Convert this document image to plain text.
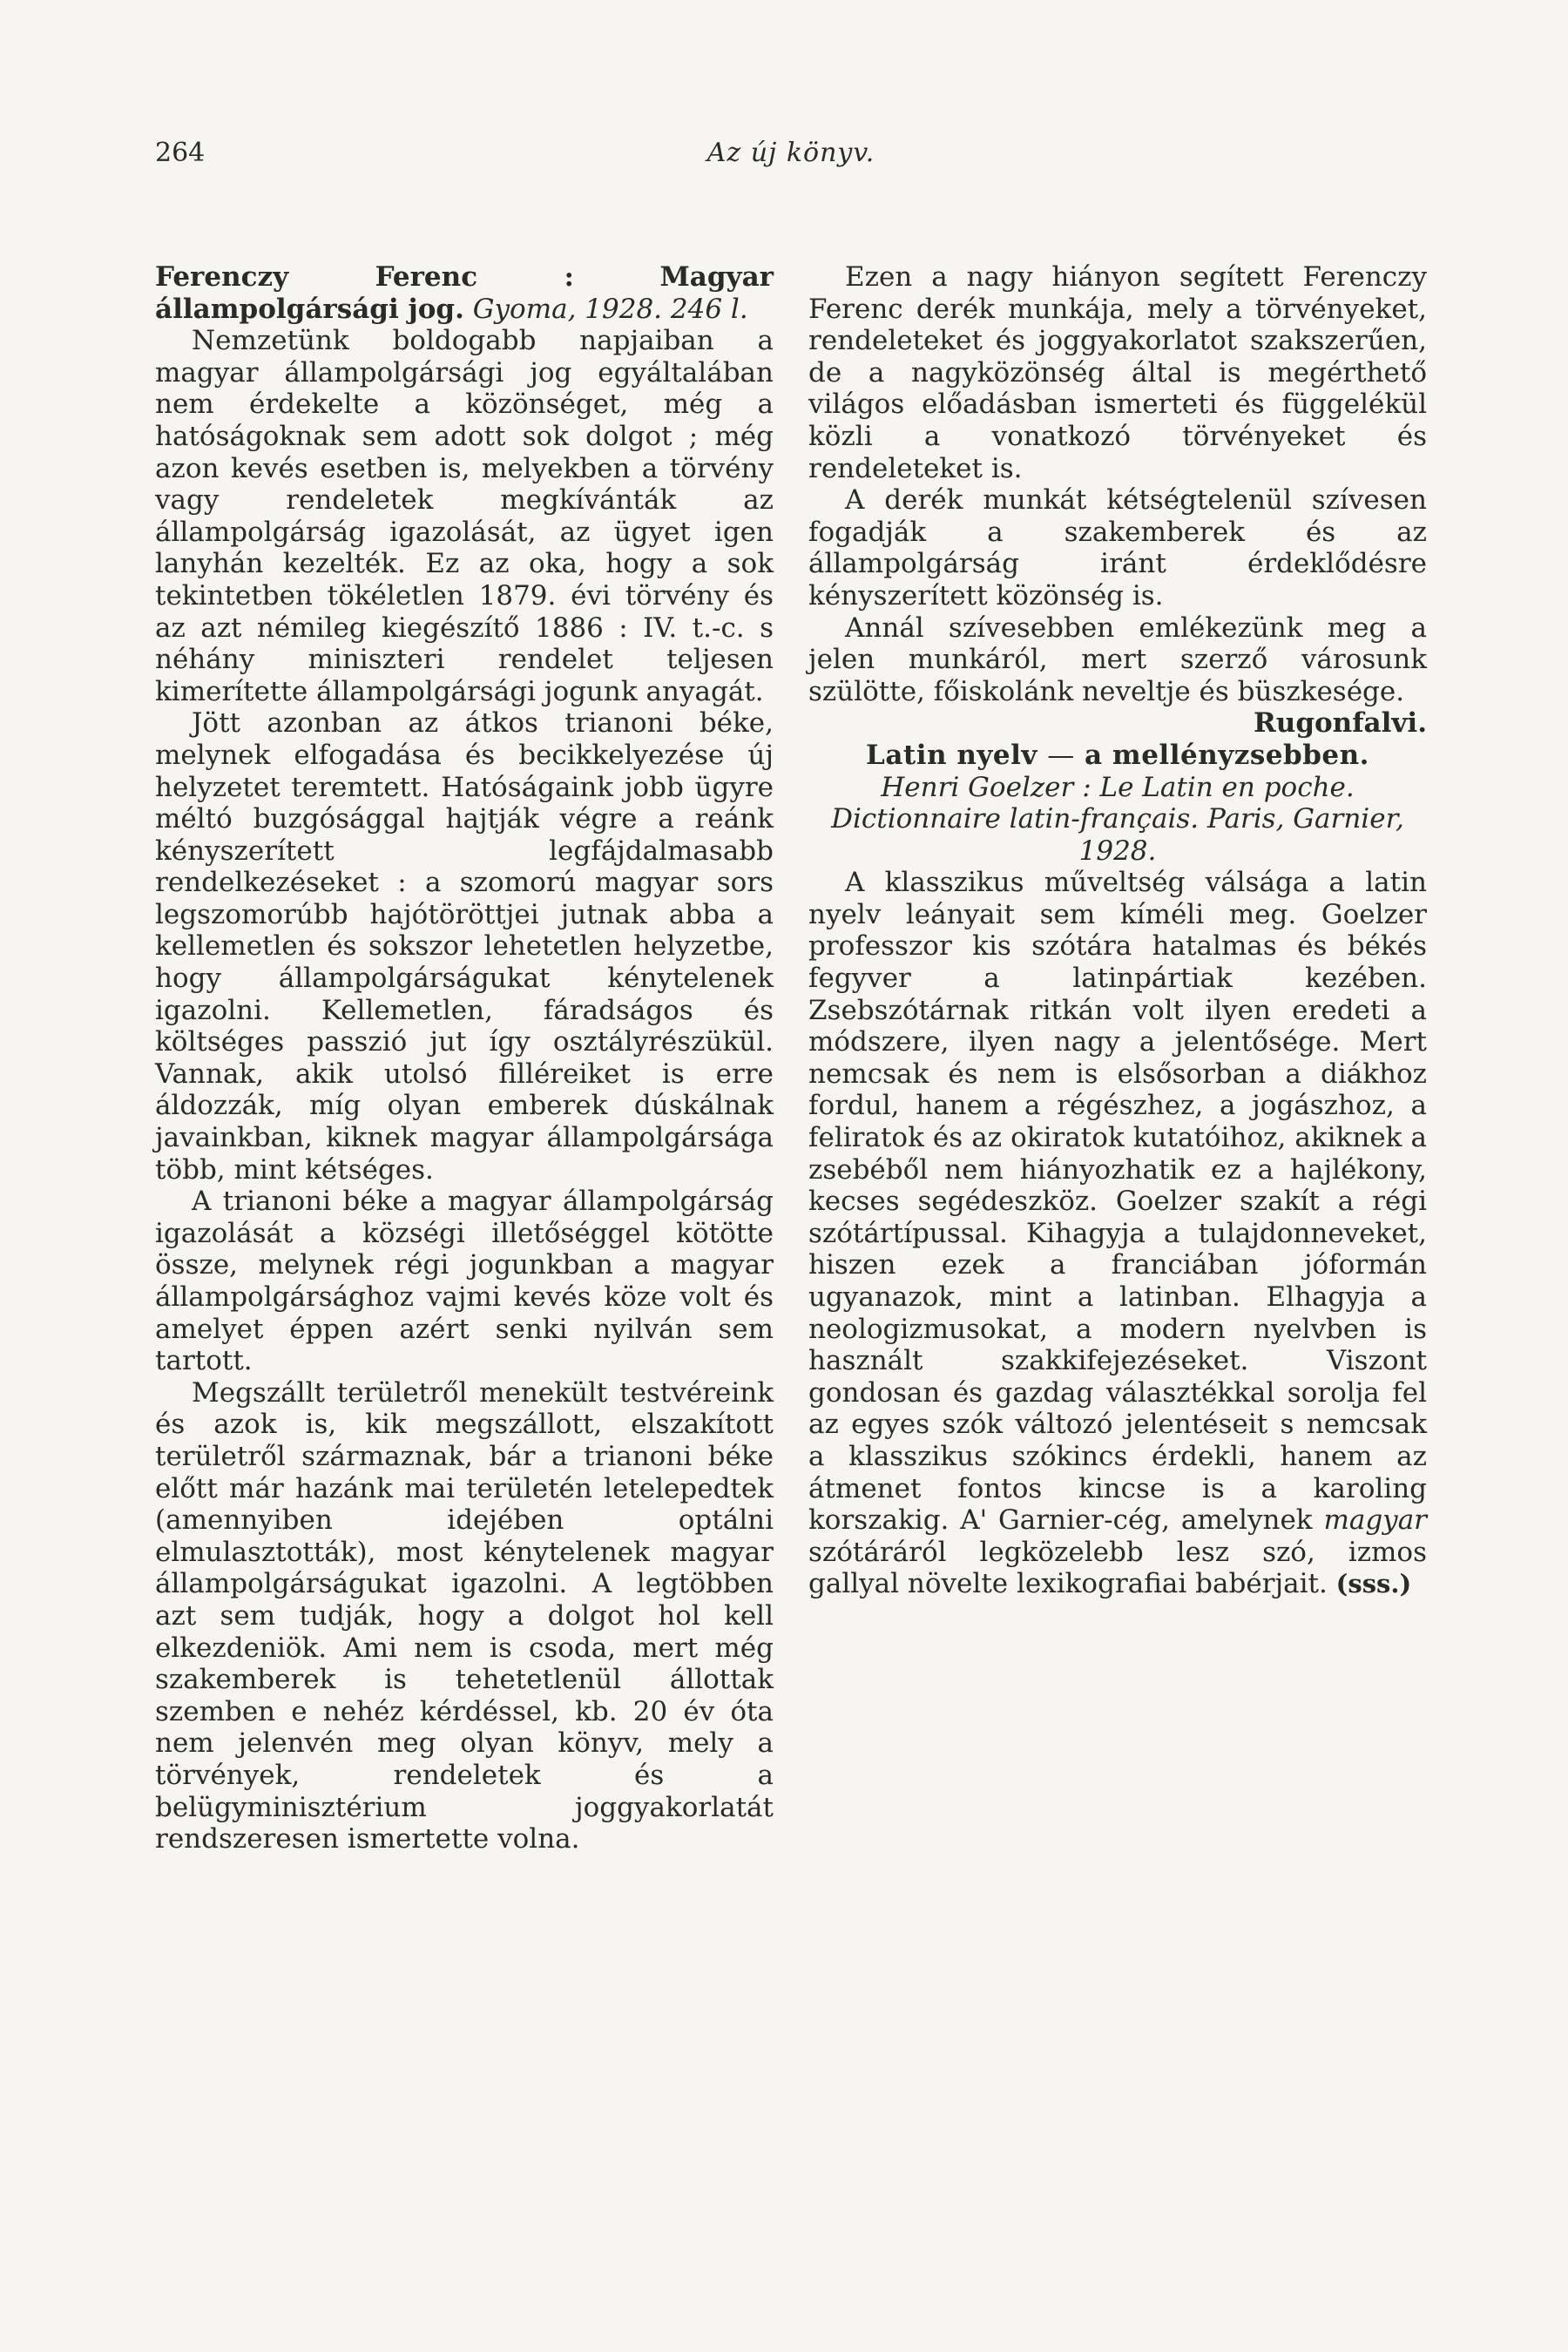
264	Az új könyv.

Ferenczy Ferenc :	Magyar állampolgársági jog. Gyoma, 1928. 246 l.

Nemzetünk boldogabb napjaiban a magyar állampolgársági jog egyáltalában nem érdekelte a közönséget, még a hatóságoknak sem adott sok dolgot ; még azon kevés esetben is, melyekben a törvény vagy rendeletek megkívánták az állampolgárság igazolását, az ügyet igen lanyhán kezelték. Ez az oka, hogy a sok tekintetben tökéletlen 1879. évi törvény és az azt némileg kiegészítő 1886 : IV. t.-c. s néhány miniszteri rendelet teljesen kimerítette állampolgársági jogunk anyagát.

Jött azonban az átkos trianoni béke, melynek elfogadása és becikkelyezése új helyzetet teremtett. Hatóságaink jobb ügyre méltó buzgósággal hajtják végre a reánk kényszerített legfájdalmasabb rendelkezéseket : a szomorú magyar sors legszomorúbb hajótöröttjei jutnak abba a kellemetlen és sokszor lehetetlen helyzetbe, hogy állampolgárságukat kénytelenek igazolni. Kellemetlen, fáradságos és költséges passzió jut így osztályrészükül. Vannak, akik utolsó filléreiket is erre áldozzák, míg olyan emberek dúskálnak javainkban, kiknek magyar állampolgársága több, mint kétséges.

A trianoni béke a magyar állampolgárság igazolását a községi illetőséggel kötötte össze, melynek régi jogunkban a magyar állampolgársághoz vajmi kevés köze volt és amelyet éppen azért senki nyilván sem tartott.

Megszállt területről menekült testvéreink és azok is, kik megszállott, elszakított területről származnak, bár a trianoni béke előtt már hazánk mai területén letelepedtek (amennyiben idejében optálni elmulasztották), most kénytelenek magyar állampolgárságukat igazolni. A legtöbben azt sem tudják, hogy a dolgot hol kell elkezdeniök. Ami nem is csoda, mert még szakemberek is tehetetlenül állottak szemben e nehéz kérdéssel, kb. 20 év óta nem jelenvén meg olyan könyv, mely a törvények, rendeletek és a belügyminisztérium joggyakorlatát rendszeresen ismertette volna.

Ezen a nagy hiányon segített Ferenczy Ferenc derék munkája, mely a törvényeket, rendeleteket és joggyakorlatot szakszerűen, de a nagyközönség által is megérthető világos előadásban ismerteti és függelékül közli a vonatkozó törvényeket és rendeleteket is.

A derék munkát kétségtelenül szívesen fogadják a szakemberek és az állampolgárság iránt érdeklődésre kényszerített közönség is.

Annál szívesebben emlékezünk meg a jelen munkáról, mert szerző városunk szülötte, főiskolánk neveltje és büszkesége.

Rugonfalvi.

Latin nyelv — a mellényzsebben.

Henri Goelzer : Le Latin en poche.
Dictionnaire latin-français. Paris, Garnier, 1928.

A klasszikus műveltség válsága a latin nyelv leányait sem kíméli meg. Goelzer professzor kis szótára hatalmas és békés fegyver a latinpártiak kezében. Zsebszótárnak ritkán volt ilyen eredeti a módszere, ilyen nagy a jelentősége. Mert nemcsak és nem is elsősorban a diákhoz fordul, hanem a régészhez, a jogászhoz, a feliratok és az okiratok kutatóihoz, akiknek a zsebéből nem hiányozhatik ez a hajlékony, kecses segédeszköz. Goelzer szakít a régi szótártípussal. Kihagyja a tulajdonneveket, hiszen ezek a franciában jóformán ugyanazok, mint a latinban. Elhagyja a neologizmusokat, a modern nyelvben is használt szakkifejezéseket. Viszont gondosan és gazdag választékkal sorolja fel az egyes szók változó jelentéseit s nemcsak a klasszikus szókincs érdekli, hanem az átmenet fontos kincse is a karoling korszakig. A' Garnier-cég, amelynek magyar szótáráról legközelebb lesz szó, izmos gallyal növelte lexikografiai babérjait. (sss.)
